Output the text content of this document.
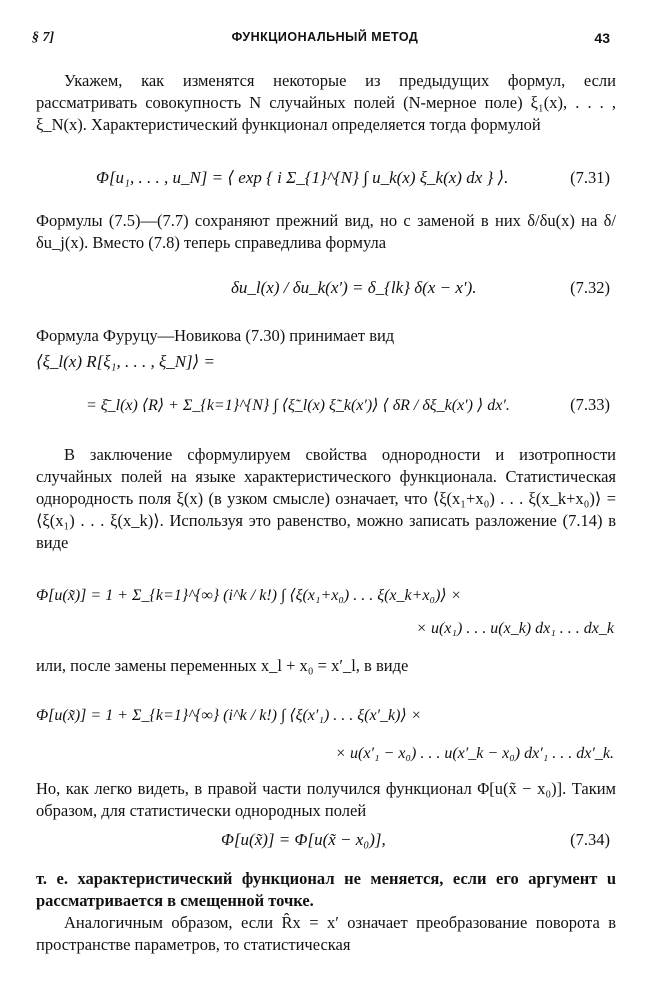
§ 7]	ФУНКЦИОНАЛЬНЫЙ МЕТОД	43

Укажем, как изменятся некоторые из предыдущих формул, если рассматривать совокупность N случайных полей (N-мерное поле) ξ₁(x), . . . , ξ_N(x). Характеристический функционал определяется тогда формулой

Φ[u₁, . . . , u_N] = ⟨ exp { i Σ_{1}^{N} ∫ u_k(x) ξ_k(x) dx } ⟩.	(7.31)

Формулы (7.5)—(7.7) сохраняют прежний вид, но с заменой в них δ/δu(x) на δ/δu_j(x). Вместо (7.8) теперь справедлива формула

δu_l(x) / δu_k(x′) = δ_{lk} δ(x − x′).	(7.32)

Формула Фуруцу—Новикова (7.30) принимает вид

⟨ξ_l(x) R[ξ₁, . . . , ξ_N]⟩ =
= ξ̄_l(x) ⟨R⟩ + Σ_{k=1}^{N} ∫ ⟨ξ̃_l(x) ξ̃_k(x′)⟩ ⟨ δR / δξ_k(x′) ⟩ dx′.	(7.33)

В заключение сформулируем свойства однородности и изотропности случайных полей на языке характеристического функционала. Статистическая однородность поля ξ(x) (в узком смысле) означает, что ⟨ξ(x₁+x₀) . . . ξ(x_k+x₀)⟩ = ⟨ξ(x₁) . . . ξ(x_k)⟩. Используя это равенство, можно записать разложение (7.14) в виде

Φ[u(x̃)] = 1 + Σ_{k=1}^{∞} (i^k / k!) ∫ ⟨ξ(x₁+x₀) . . . ξ(x_k+x₀)⟩ ×
× u(x₁) . . . u(x_k) dx₁ . . . dx_k

или, после замены переменных x_l + x₀ = x′_l, в виде

Φ[u(x̃)] = 1 + Σ_{k=1}^{∞} (i^k / k!) ∫ ⟨ξ(x′₁) . . . ξ(x′_k)⟩ ×
× u(x′₁ − x₀) . . . u(x′_k − x₀) dx′₁ . . . dx′_k.

Но, как легко видеть, в правой части получился функционал Φ[u(x̃ − x₀)]. Таким образом, для статистически однородных полей

Φ[u(x̃)] = Φ[u(x̃ − x₀)],	(7.34)

т. е. характеристический функционал не меняется, если его аргумент u рассматривается в смещенной точке.

Аналогичным образом, если R̂x = x′ означает преобразование поворота в пространстве параметров, то статистическая
